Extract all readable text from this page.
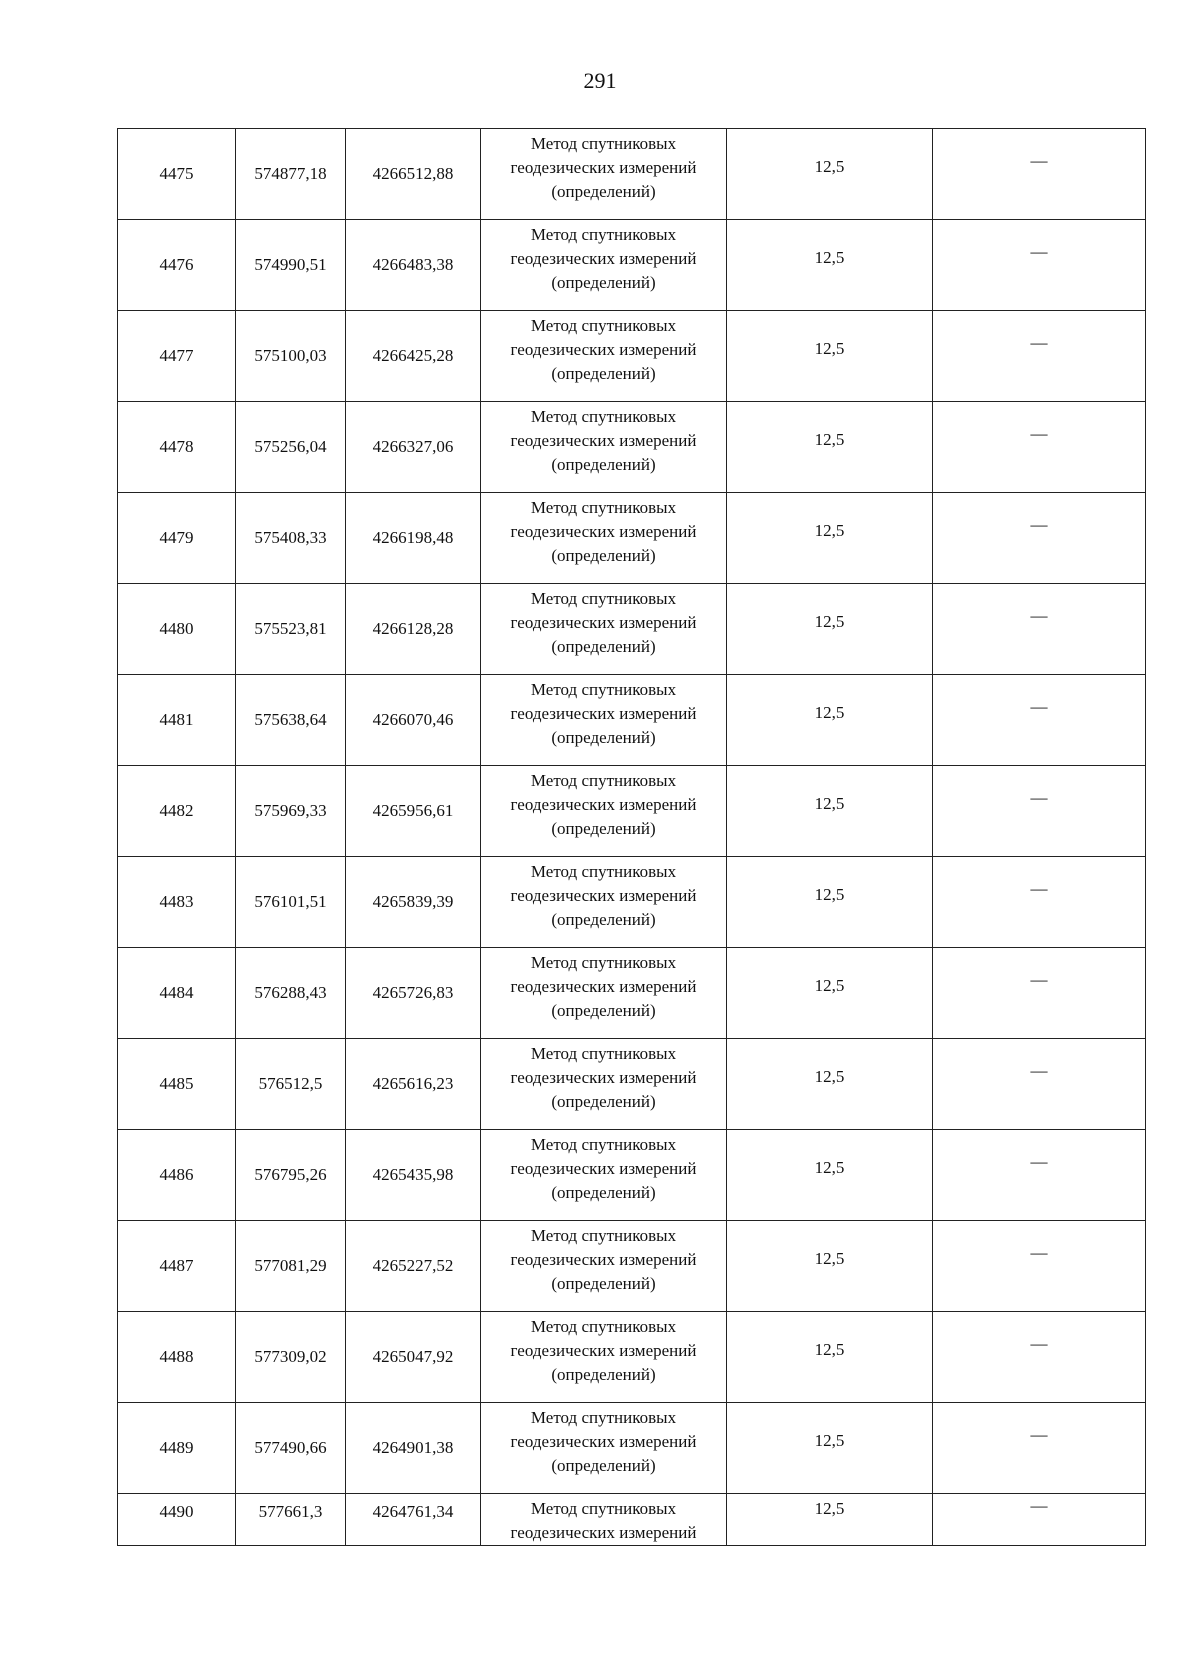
291
4475	574877,18	4266512,88	Метод спутниковых
геодезических измерений
(определений)	12,5	—
4476	574990,51	4266483,38	Метод спутниковых
геодезических измерений
(определений)	12,5	—
4477	575100,03	4266425,28	Метод спутниковых
геодезических измерений
(определений)	12,5	—
4478	575256,04	4266327,06	Метод спутниковых
геодезических измерений
(определений)	12,5	—
4479	575408,33	4266198,48	Метод спутниковых
геодезических измерений
(определений)	12,5	—
4480	575523,81	4266128,28	Метод спутниковых
геодезических измерений
(определений)	12,5	—
4481	575638,64	4266070,46	Метод спутниковых
геодезических измерений
(определений)	12,5	—
4482	575969,33	4265956,61	Метод спутниковых
геодезических измерений
(определений)	12,5	—
4483	576101,51	4265839,39	Метод спутниковых
геодезических измерений
(определений)	12,5	—
4484	576288,43	4265726,83	Метод спутниковых
геодезических измерений
(определений)	12,5	—
4485	576512,5	4265616,23	Метод спутниковых
геодезических измерений
(определений)	12,5	—
4486	576795,26	4265435,98	Метод спутниковых
геодезических измерений
(определений)	12,5	—
4487	577081,29	4265227,52	Метод спутниковых
геодезических измерений
(определений)	12,5	—
4488	577309,02	4265047,92	Метод спутниковых
геодезических измерений
(определений)	12,5	—
4489	577490,66	4264901,38	Метод спутниковых
геодезических измерений
(определений)	12,5	—
4490	577661,3	4264761,34	Метод спутниковых
геодезических измерений	12,5	—
